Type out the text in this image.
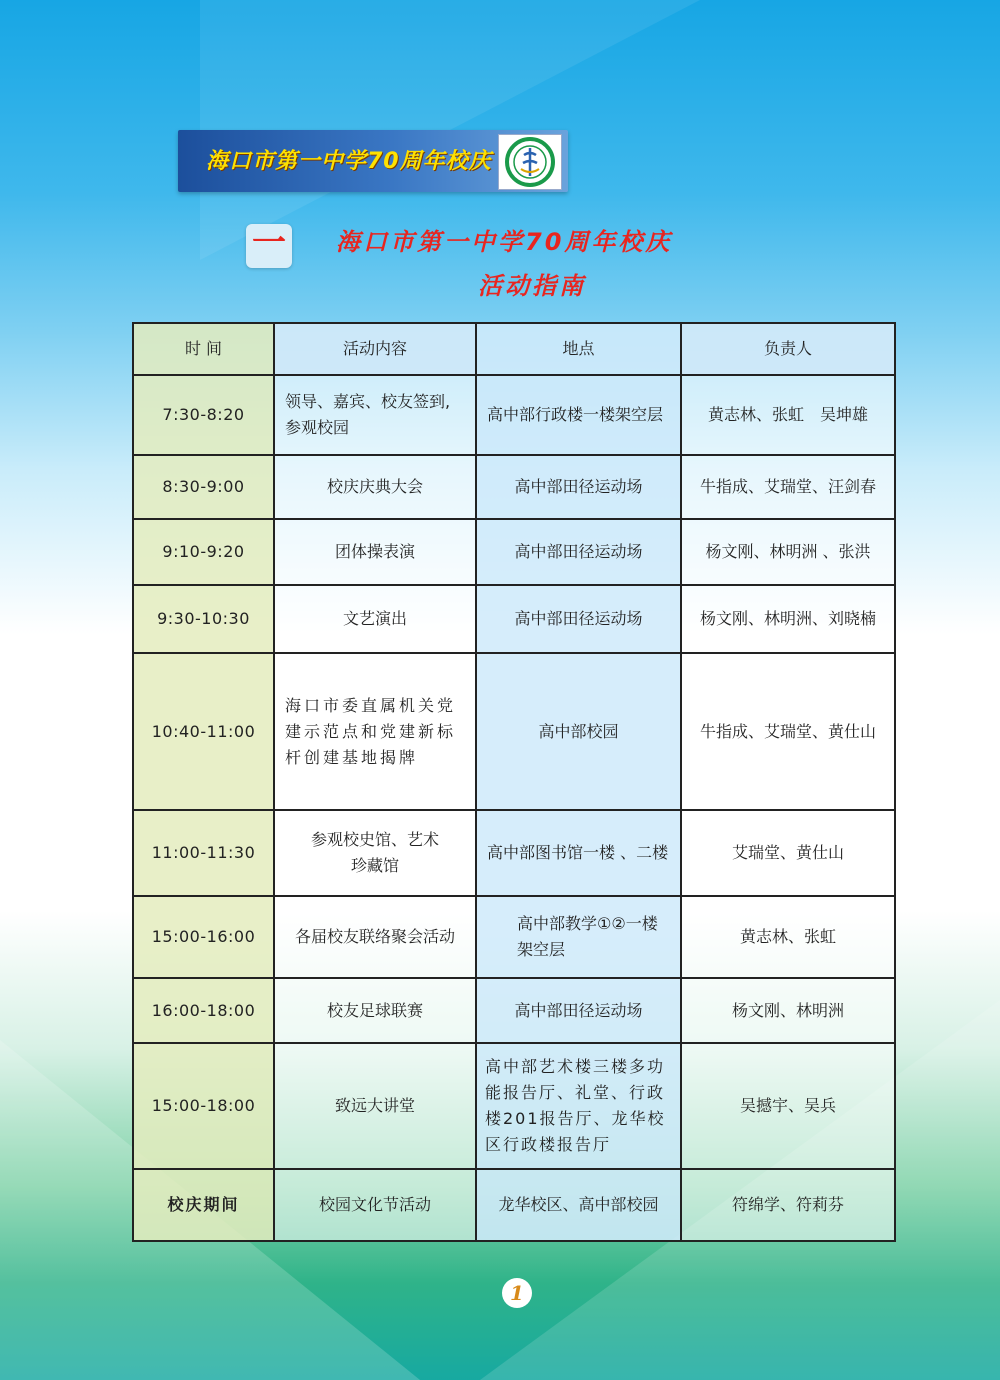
海口市第一中学70周年校庆
一 海口市第一中学70周年校庆
活动指南
时 间	活动内容	地点	负责人
7:30-8:20	领导、嘉宾、校友签到,参观校园	高中部行政楼一楼架空层	黄志林、张虹　吴坤雄
8:30-9:00	校庆庆典大会	高中部田径运动场	牛指成、艾瑞堂、汪剑春
9:10-9:20	团体操表演	高中部田径运动场	杨文刚、林明洲 、张洪
9:30-10:30	文艺演出	高中部田径运动场	杨文刚、林明洲、刘晓楠
10:40-11:00	海口市委直属机关党建示范点和党建新标杆创建基地揭牌	高中部校园	牛指成、艾瑞堂、黄仕山
11:00-11:30	参观校史馆、艺术珍藏馆	高中部图书馆一楼 、二楼	艾瑞堂、黄仕山
15:00-16:00	各届校友联络聚会活动	高中部教学①②一楼架空层	黄志林、张虹
16:00-18:00	校友足球联赛	高中部田径运动场	杨文刚、林明洲
15:00-18:00	致远大讲堂	高中部艺术楼三楼多功能报告厅、礼堂、行政楼201报告厅、龙华校区行政楼报告厅	吴撼宇、吴兵
校庆期间	校园文化节活动	龙华校区、高中部校园	符绵学、符莉芬
1
